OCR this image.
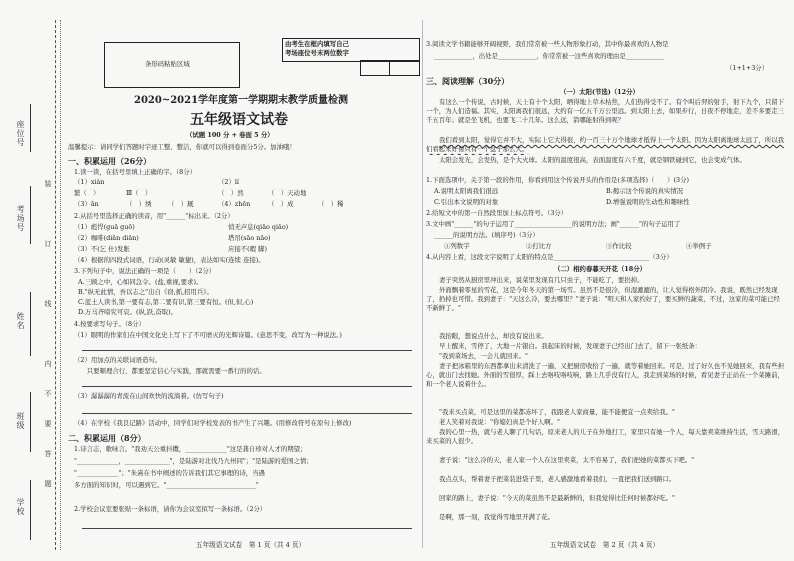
座位号
考场号
姓名
班级
学校
装
订
线
内
不
要
答
题
条形码粘贴区域
由考生在框内填写自己
考场座位号末两位数字
2020~2021学年度第一学期期末教学质量检测
五年级语文试卷
（试题 100 分 + 卷面 5 分）
温馨提示：请同学们答题时字迹工整、整洁，你就可以得到卷面分5分。加油哦！
一、积累运用（26分）
1.读一读，在括号里填上正确的字。（8分）
（1）xiàn
繁（　）	Ⅲ（　）
（2）lí
（　）然	（　）天动地
（3）ān	（　）绣	（　）厩	（4）zhēn	（　）成	（　）稀
2.从括号里选择正确的读音，用"______"标出来。（2分）
（1）彪悍(guā guō)	悄无声息(qiāo qiǎo)
（2）咖啡(diǎn diān)	塔吊(sāo nāo)
（3）不(乞 仕)发胀	应接不(暇 脚)
（4）根据的四段式词语，行动(灵敏 敏捷)，表达如实(连续 连接)。
3.下列句子中，说法正确的一项是（　　）（2分）
A.三顾之中，心如同急令。(盐,重视,要求)。
B."纵无此情，吾以志之"出自《窃,抓,招用兵》。
C.蓝土人读书,第一要有志,第二要有识,第三要有恒。(但,但,心)
D.万马齐喑究可哀。(纵,跃,奋取)。
4.按要求写句子。（8分）
（1）眼明的作家们在中国文化史上写下了不可磨灭的光辉诗篇。(意思不变，改写为一种说法。)
（2）用加点的关联词语造句。
　　只要顺理合行，都要坚定信心与实践，那就需要一番行的的话。
（3）潺潺潺的青流在山间欢快的流淌着。(仿写句子)
（4）在学校《我良记路》活动中，同学们对学校发表的书产生了兴趣。(用修改符号在原句上修改)
二、积累运用（8分）
1.诗言志，歌咏言。"我劝天公重抖擞，_____________"这是龚自珍对人才的期望；
"_____________，______________"，是陆游对北伐乃九州同"；"是陆游的爱国之情；
"_____________"；"朱熹在书中阐述的告诉我们其它事理的诗，当遇
多方面的知识时，可以遇到它。"____________________________"
2.学校会议室要张贴一条标语，请你为会议室拟写一条标语。（2分）
五年级语文试卷　第 1 页（共 4 页）
3.阅读文学书籍能够开阔视野，我们常常被一些人物形象打动，其中你最喜欢的人物是
____________，出处是____________，你常常被一这些喜欢的理由是____________
（1+1+3分）
三、阅读理解（30分）
（一）太阳(节选)（12分）
有这么一个传说，古时候，天上有十个太阳，晒得地上草木枯焦，人们热得受不了。有个叫后羿的射手，射下九个，只留下一个，为人们造福。其实，太阳离我们很远，大约有一亿五千万公里远。到太阳上去，如果步行，日夜不停地走，差不多要走三千五百年；就是坐飞机，也要飞二十几年。这么远，箭哪能射得到呢？
我们看到太阳，觉得它并不大，实际上它大得很，约一百三十万个地球才抵得上一个太阳。因为太阳离地球太远了，所以我们看起来好像只有一个盘子那么大。
太阳会发光，会发热，是个大火球。太阳的温度很高，表面温度有六千度，就是钢铁碰到它，也会变成气体。
1.下面选项中，关于第一段的作用，你看到用这个传说开头的作用是(多项选择)（　　）(3分)
A.说明太阳离我们很远	B.揭示这个传说的真实情况
C.引出本文说明的对象	D.增强说明的生动性和趣味性
2.给短文中的第一自然段里加上标点符号。（3分）
3.文中画"______"的句子运用了__________________的说明方法；画"______"的句子运用了
______的说明方法。(填序号)（3分）
①列数字	②打比方	③作比较	④举例子
4.从内容上看，这段文字说明了太阳的特点是______________________________（3分）
（二）相约春暮天开花（18分）
妻子突然从厨房里冲出来，说菜里发现有几只虫子，不能吃了，要扔掉。
外面飘着零星的雪花，这是今年冬天的第一场雪。虽然不是很冷，但湿漉漉的，让人觉得格外阴冷。我说，既然已经发现了，扔掉也可惜。我到妻子："天这么冷，要去哪里？"妻子说："明天和人家约好了，要买鲜的蔬菜，不过，这家的菜可能已经不新鲜了。"
我抬眼，想说点什么，却没有说出来。
早上醒来，雪停了，大地一片银白。我起床的时候，发现妻子已经出门去了，留下一张纸条：
"我到菜场去，一会儿就回来。"
妻子把冰箱里的东西都拿出来清洗了一遍，又把厨房收拾了一遍，就等着她回来。可是，过了好久也不见她回来，我有些担心，就出门去找她。外面的雪很厚，踩上去咯吱咯吱响，路上几乎没有行人，我走到菜场的时候，看见妻子正站在一个菜摊前，和一个老人说着什么。
"我来买点菜，可是这里的菜都冻坏了，我跟老人家商量，能不能便宜一点卖给我。"
老人笑着对我说："你媳妇真是个好人啊。"
我的心里一热，就与老人聊了几句话，原来老人的儿子在外地打工，家里只有她一个人，每天靠卖菜维持生活，雪天路滑，来买菜的人很少。
妻子说："这么冷的天，老人家一个人在这里卖菜，太不容易了，我们把她的菜都买下吧。"
我点点头，帮着妻子把菜装进袋子里，老人感激地看着我们，一直把我们送到路口。
回家的路上，妻子说："今天的菜虽然不是最新鲜的，但我觉得比任何时候都好吃。"
是啊，那一刻，我觉得雪地里开满了花。
五年级语文试卷　第 2 页（共 4 页）
